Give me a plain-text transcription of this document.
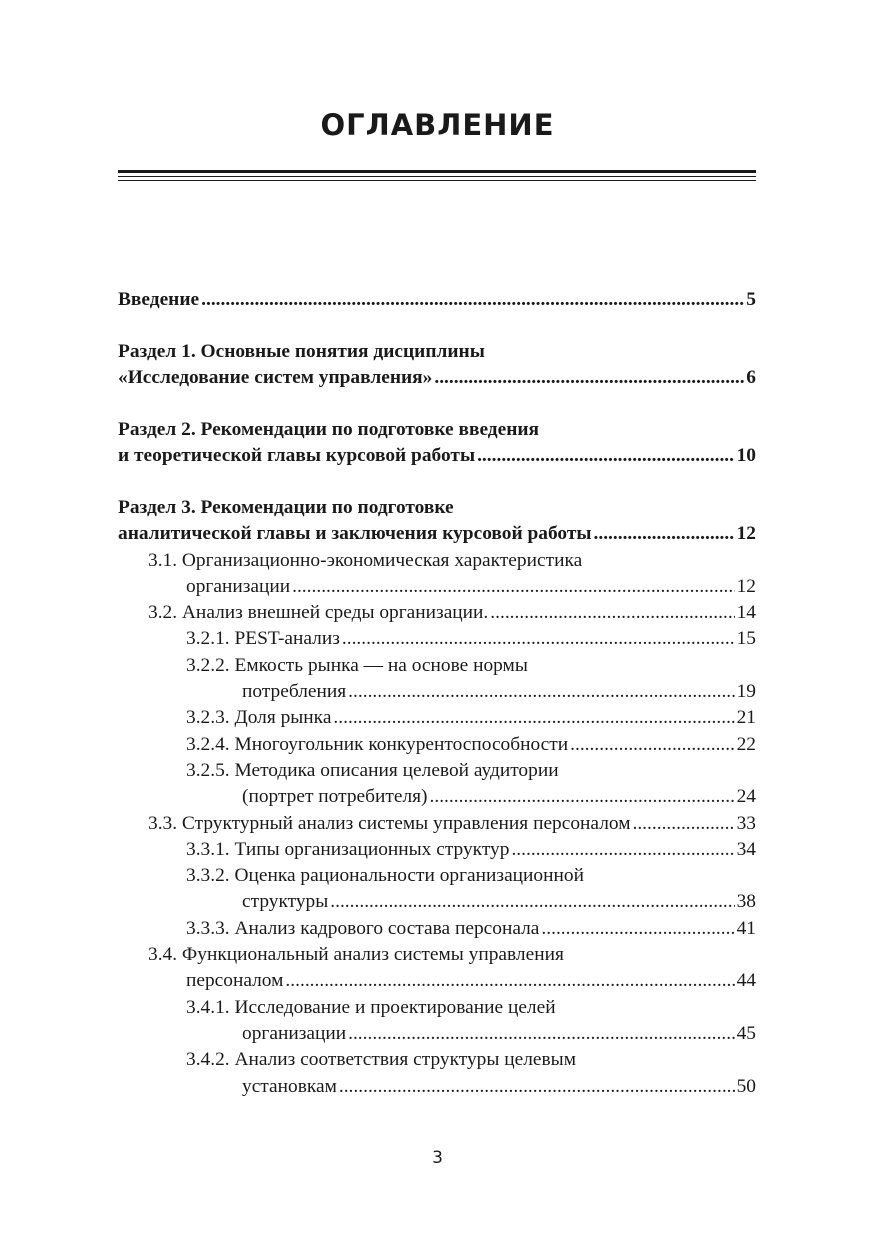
ОГЛАВЛЕНИЕ
Введение .....	5
Раздел 1. Основные понятия дисциплины
«Исследование систем управления» .....	6
Раздел 2. Рекомендации по подготовке введения
и теоретической главы курсовой работы .....	10
Раздел 3. Рекомендации по подготовке
аналитической главы и заключения курсовой работы .....	12
3.1. Организационно-экономическая характеристика
организации .....	12
3.2. Анализ внешней среды организации. .....	14
3.2.1. PEST-анализ .....	15
3.2.2. Емкость рынка — на основе нормы
потребления .....	19
3.2.3. Доля рынка .....	21
3.2.4. Многоугольник конкурентоспособности .....	22
3.2.5. Методика описания целевой аудитории
(портрет потребителя) .....	24
3.3. Структурный анализ системы управления персоналом .....	33
3.3.1. Типы организационных структур .....	34
3.3.2. Оценка рациональности организационной
структуры .....	38
3.3.3. Анализ кадрового состава персонала .....	41
3.4. Функциональный анализ системы управления
персоналом .....	44
3.4.1. Исследование и проектирование целей
организации .....	45
3.4.2. Анализ соответствия структуры целевым
установкам .....	50
3
